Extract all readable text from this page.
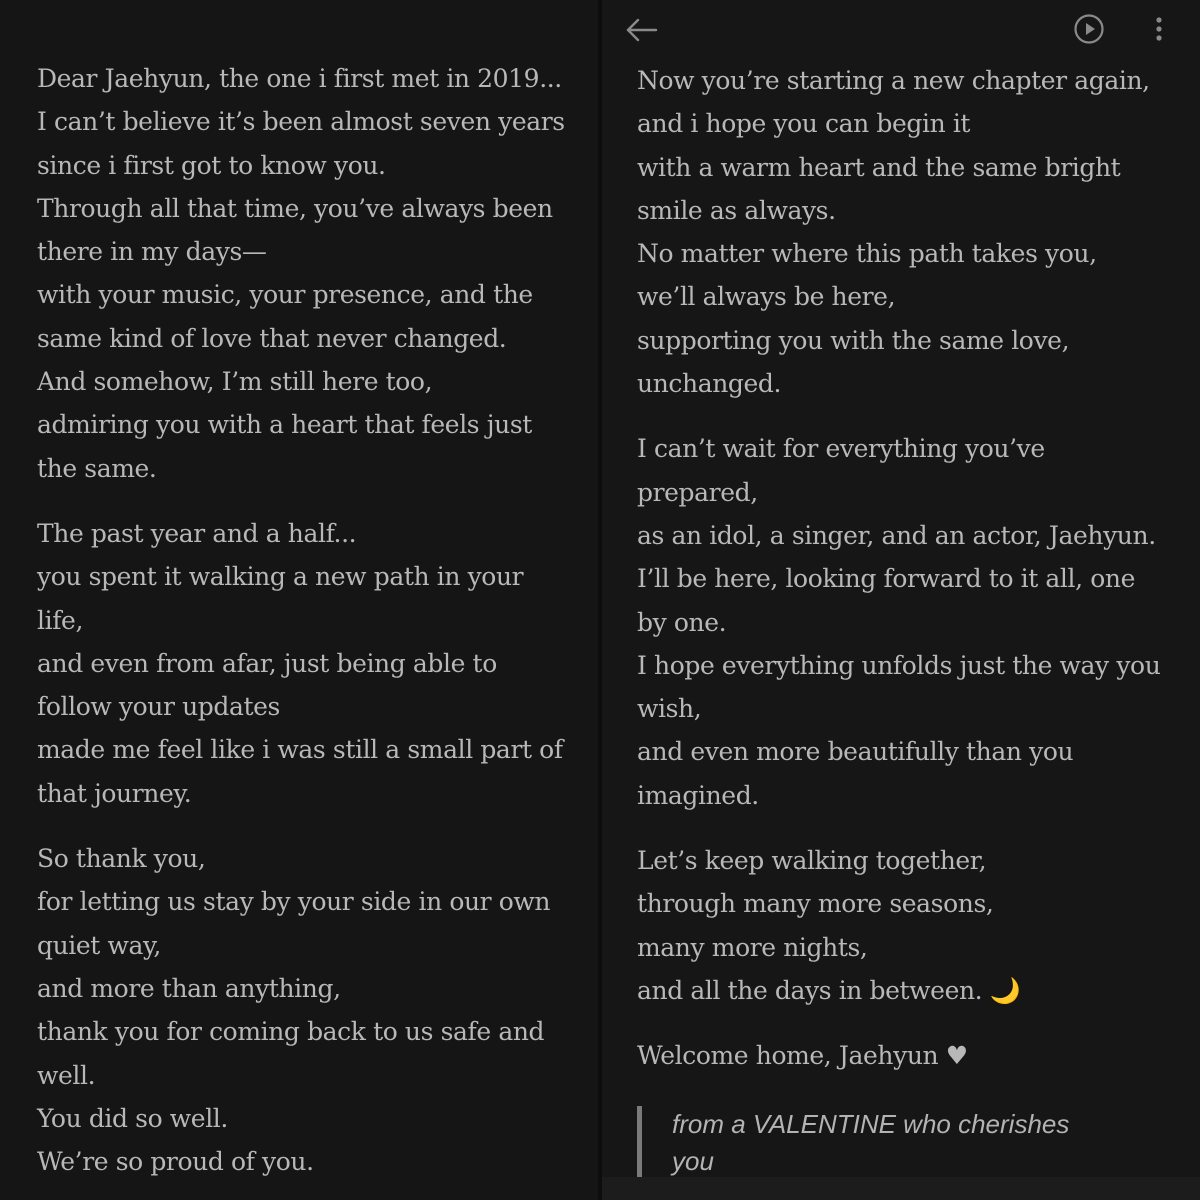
Dear Jaehyun, the one i first met in 2019...
I can’t believe it’s been almost seven years
since i first got to know you.
Through all that time, you’ve always been
there in my days—
with your music, your presence, and the
same kind of love that never changed.
And somehow, I’m still here too,
admiring you with a heart that feels just
the same.
The past year and a half...
you spent it walking a new path in your
life,
and even from afar, just being able to
follow your updates
made me feel like i was still a small part of
that journey.
So thank you,
for letting us stay by your side in our own
quiet way,
and more than anything,
thank you for coming back to us safe and
well.
You did so well.
We’re so proud of you.
Now you’re starting a new chapter again,
and i hope you can begin it
with a warm heart and the same bright
smile as always.
No matter where this path takes you,
we’ll always be here,
supporting you with the same love,
unchanged.
I can’t wait for everything you’ve
prepared,
as an idol, a singer, and an actor, Jaehyun.
I’ll be here, looking forward to it all, one
by one.
I hope everything unfolds just the way you
wish,
and even more beautifully than you
imagined.
Let’s keep walking together,
through many more seasons,
many more nights,
and all the days in between. 🌙
Welcome home, Jaehyun ♥
from a VALENTINE who cherishes
you
